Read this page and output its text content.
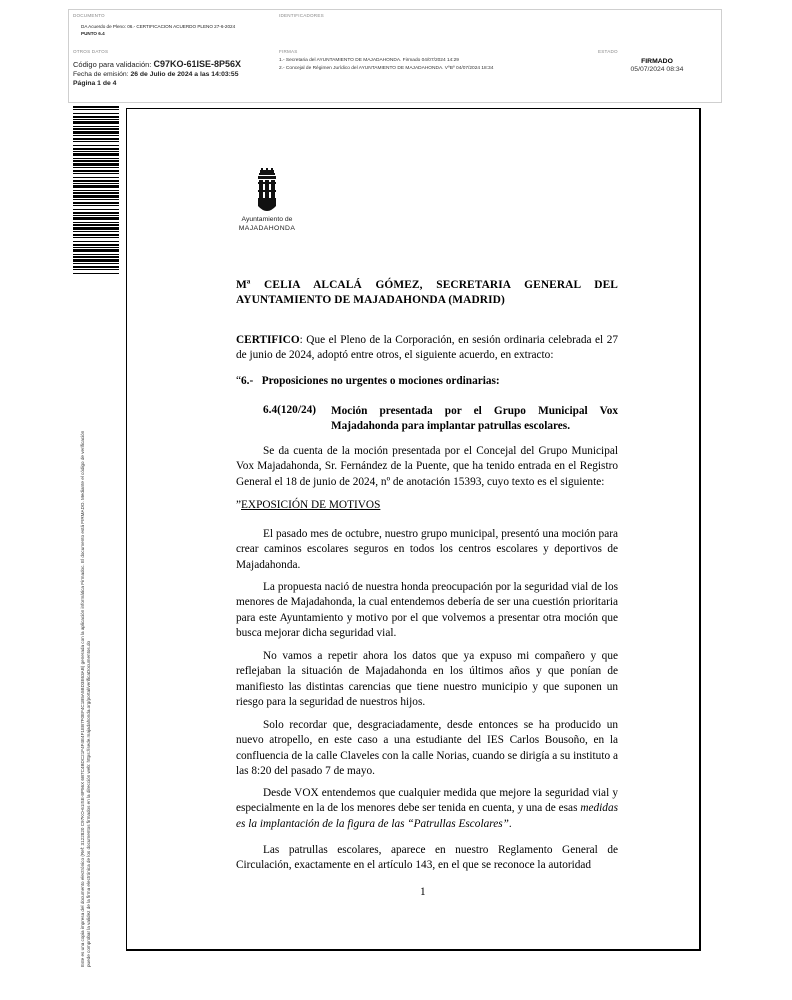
DOCUMENTO
DA Acuerdo de Pleno: 06.- CERTIFICACION ACUERDO PLENO 27-6-2024
PUNTO 6.4
IDENTIFICADORES
OTROS DATOS
Código para validación: C97KO-61ISE-8P56X
Fecha de emisión: 26 de Julio de 2024 a las 14:03:55
Página 1 de 4
FIRMAS
1.- Secretaria del AYUNTAMIENTO DE MAJADAHONDA. Firmado 04/07/2024 14:29
2.- Concejal de Régimen Jurídico del AYUNTAMIENTO DE MAJADAHONDA. VºBº 04/07/2024 18:34
ESTADO
FIRMADO
05/07/2024 08:34
Este es una copia impresa del documento electrónico (Ref: 3122820 C97KO-61ISE-8P56X 6B7C4BDC21F4F4E4F1EB7F0EF4C1B5A5BD3E63AB) generada con la aplicación informática Firmadoc. El documento está FIRMADO. Mediante el código de verificación puede comprobar la validez de la firma electrónica de los documentos firmados en la dirección web: https://sede.majadahonda.org/portal/verificaDocumentos.do
Ayuntamiento de
MAJADAHONDA
Mª CELIA ALCALÁ GÓMEZ, SECRETARIA GENERAL DEL
AYUNTAMIENTO DE MAJADAHONDA (MADRID)
CERTIFICO: Que el Pleno de la Corporación, en sesión ordinaria celebrada el 27 de junio de 2024, adoptó entre otros, el siguiente acuerdo, en extracto:
“6.-   Proposiciones no urgentes o mociones ordinarias:
6.4(120/24) Moción presentada por el Grupo Municipal Vox Majadahonda para implantar patrullas escolares.
Se da cuenta de la moción presentada por el Concejal del Grupo Municipal Vox Majadahonda, Sr. Fernández de la Puente, que ha tenido entrada en el Registro General el 18 de junio de 2024, nº de anotación 15393, cuyo texto es el siguiente:
”EXPOSICIÓN DE MOTIVOS
El pasado mes de octubre, nuestro grupo municipal, presentó una moción para crear caminos escolares seguros en todos los centros escolares y deportivos de Majadahonda.
La propuesta nació de nuestra honda preocupación por la seguridad vial de los menores de Majadahonda, la cual entendemos debería de ser una cuestión prioritaria para este Ayuntamiento y motivo por el que volvemos a presentar otra moción que busca mejorar dicha seguridad vial.
No vamos a repetir ahora los datos que ya expuso mi compañero y que reflejaban la situación de Majadahonda en los últimos años y que ponían de manifiesto las distintas carencias que tiene nuestro municipio y que suponen un riesgo para la seguridad de nuestros hijos.
Solo recordar que, desgraciadamente, desde entonces se ha producido un nuevo atropello, en este caso a una estudiante del IES Carlos Bousoño, en la confluencia de la calle Claveles con la calle Norias, cuando se dirigía a su instituto a las 8:20 del pasado 7 de mayo.
Desde VOX entendemos que cualquier medida que mejore la seguridad vial y especialmente en la de los menores debe ser tenida en cuenta, y una de esas medidas es la implantación de la figura de las “Patrullas Escolares”.
Las patrullas escolares, aparece en nuestro Reglamento General de Circulación, exactamente en el artículo 143, en el que se reconoce la autoridad
1
